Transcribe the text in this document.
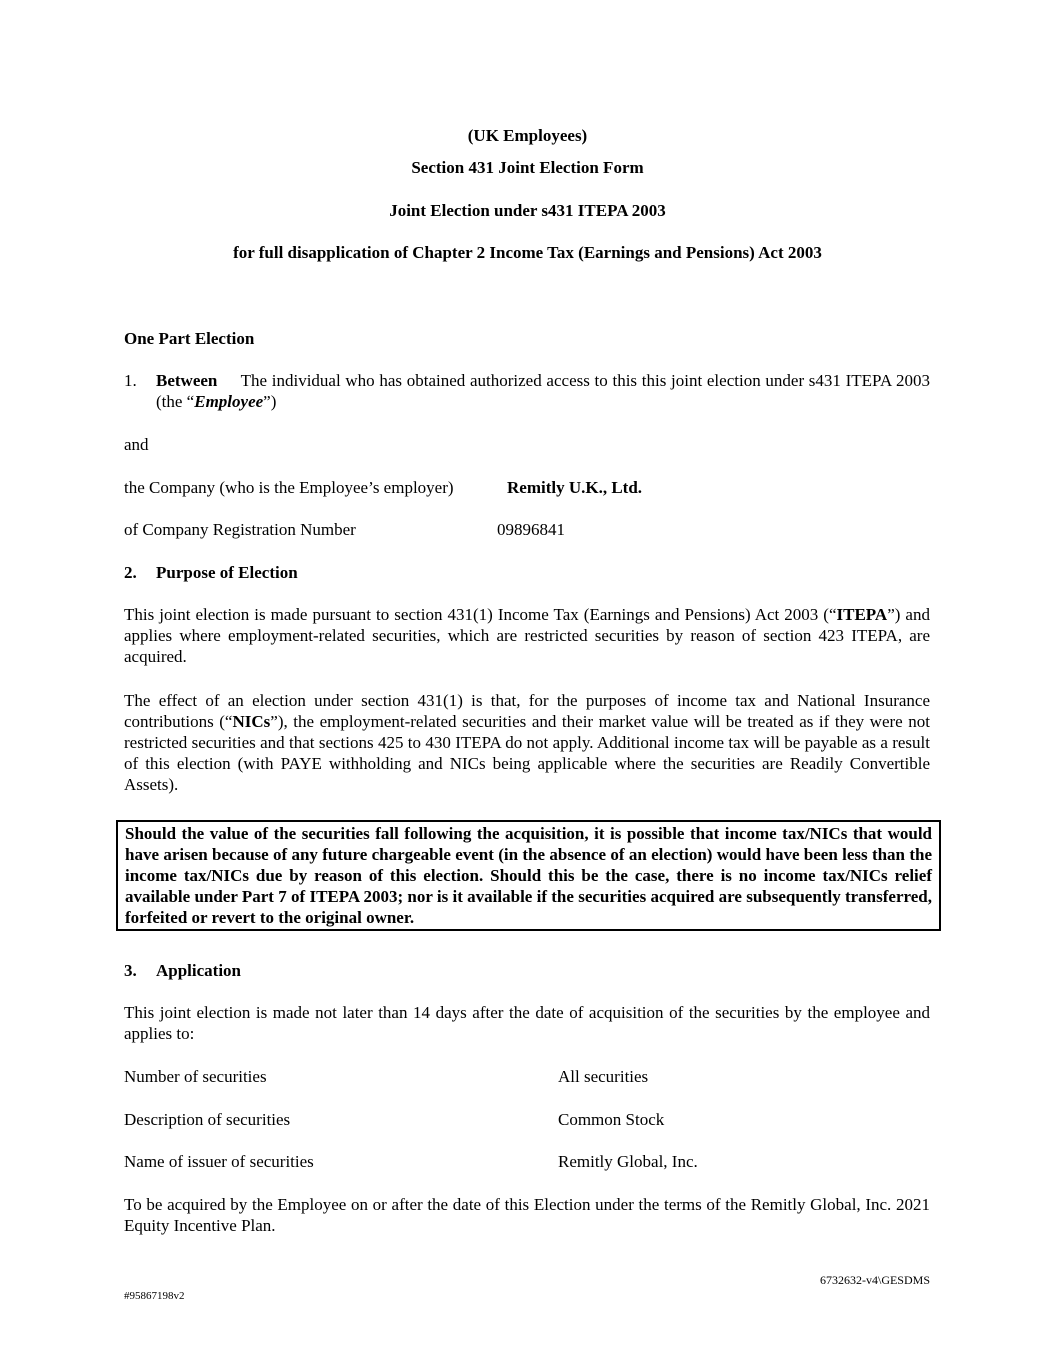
(UK Employees)

Section 431 Joint Election Form

Joint Election under s431 ITEPA 2003

for full disapplication of Chapter 2 Income Tax (Earnings and Pensions) Act 2003

One Part Election

1.	Between The individual who has obtained authorized access to this this joint election under s431 ITEPA 2003 (the “Employee”)

and

the Company (who is the Employee’s employer)	Remitly U.K., Ltd.

of Company Registration Number	09896841

2. Purpose of Election

This joint election is made pursuant to section 431(1) Income Tax (Earnings and Pensions) Act 2003 (“ITEPA”) and applies where employment-related securities, which are restricted securities by reason of section 423 ITEPA, are acquired.

The effect of an election under section 431(1) is that, for the purposes of income tax and National Insurance contributions (“NICs”), the employment-related securities and their market value will be treated as if they were not restricted securities and that sections 425 to 430 ITEPA do not apply. Additional income tax will be payable as a result of this election (with PAYE withholding and NICs being applicable where the securities are Readily Convertible Assets).

Should the value of the securities fall following the acquisition, it is possible that income tax/NICs that would have arisen because of any future chargeable event (in the absence of an election) would have been less than the income tax/NICs due by reason of this election. Should this be the case, there is no income tax/NICs relief available under Part 7 of ITEPA 2003; nor is it available if the securities acquired are subsequently transferred, forfeited or revert to the original owner.

3. Application

This joint election is made not later than 14 days after the date of acquisition of the securities by the employee and applies to:

Number of securities	All securities

Description of securities	Common Stock

Name of issuer of securities	Remitly Global, Inc.

To be acquired by the Employee on or after the date of this Election under the terms of the Remitly Global, Inc. 2021 Equity Incentive Plan.

6732632-v4\GESDMS

#95867198v2
